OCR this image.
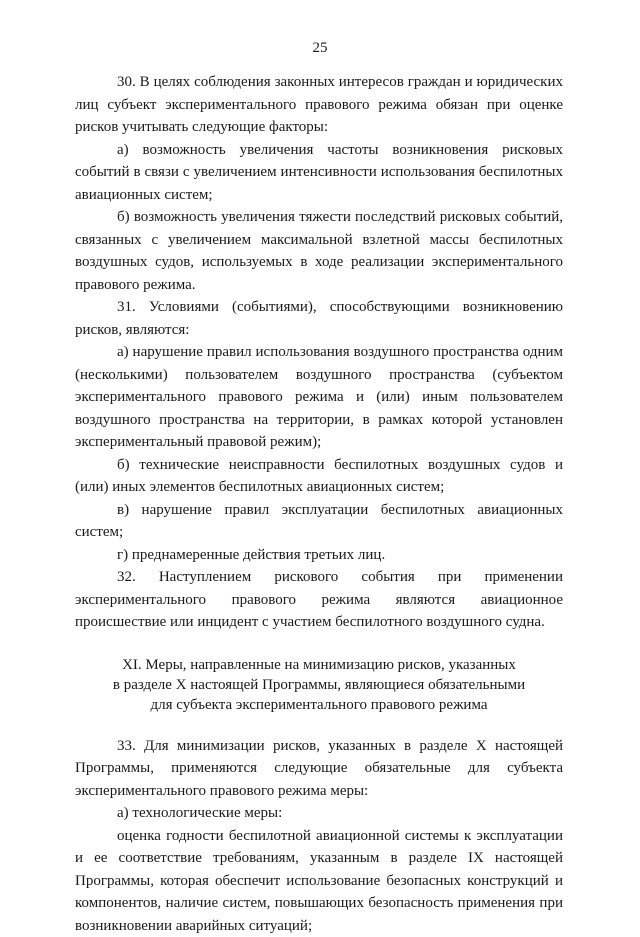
25

30. В целях соблюдения законных интересов граждан и юридических лиц субъект экспериментального правового режима обязан при оценке рисков учитывать следующие факторы:

а) возможность увеличения частоты возникновения рисковых событий в связи с увеличением интенсивности использования беспилотных авиационных систем;

б) возможность увеличения тяжести последствий рисковых событий, связанных с увеличением максимальной взлетной массы беспилотных воздушных судов, используемых в ходе реализации экспериментального правового режима.

31. Условиями (событиями), способствующими возникновению рисков, являются:

а) нарушение правил использования воздушного пространства одним (несколькими) пользователем воздушного пространства (субъектом экспериментального правового режима и (или) иным пользователем воздушного пространства на территории, в рамках которой установлен экспериментальный правовой режим);

б) технические неисправности беспилотных воздушных судов и (или) иных элементов беспилотных авиационных систем;

в) нарушение правил эксплуатации беспилотных авиационных систем;

г) преднамеренные действия третьих лиц.

32. Наступлением рискового события при применении экспериментального правового режима являются авиационное происшествие или инцидент с участием беспилотного воздушного судна.

XI. Меры, направленные на минимизацию рисков, указанных
в разделе X настоящей Программы, являющиеся обязательными
для субъекта экспериментального правового режима

33. Для минимизации рисков, указанных в разделе X настоящей Программы, применяются следующие обязательные для субъекта экспериментального правового режима меры:

а) технологические меры:

оценка годности беспилотной авиационной системы к эксплуатации и ее соответствие требованиям, указанным в разделе IX настоящей Программы, которая обеспечит использование безопасных конструкций и компонентов, наличие систем, повышающих безопасность применения при возникновении аварийных ситуаций;
